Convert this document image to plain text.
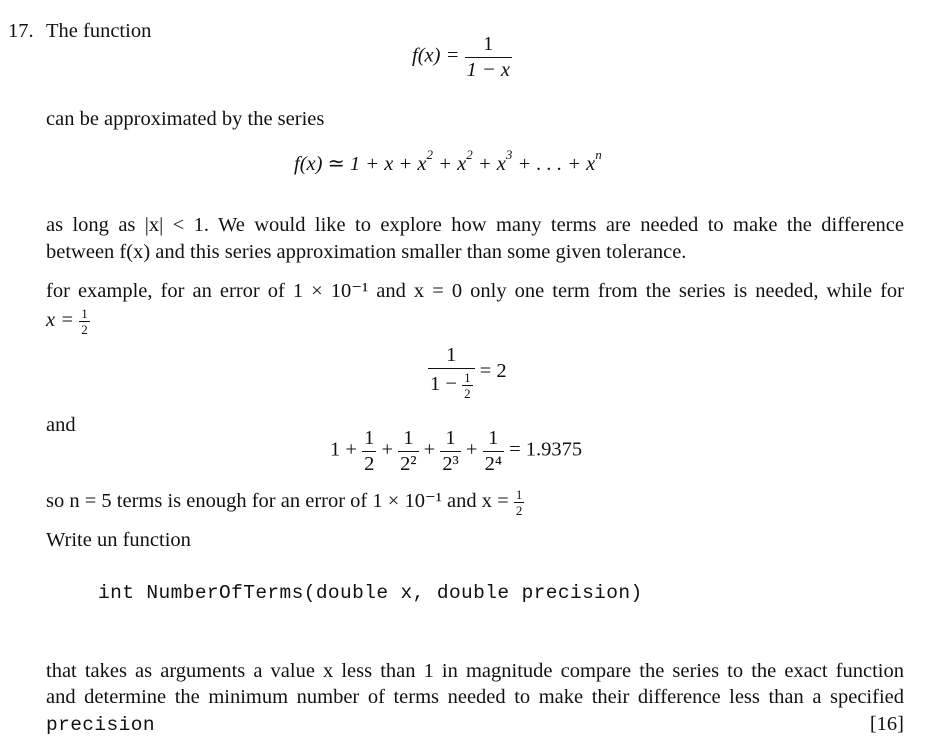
17. The function
$f(x) = \frac{1}{1 - x}$
can be approximated by the series
f(x) ≃ $1 + x + x^2 + x^2 + x^3$ + . . . + $x^n$
as long as |x| < 1. We would like to explore how many terms are needed to make the difference
between f(x) and this series approximation smaller than some given tolerance.
for example, for an error of 1 × 10⁻¹ and x = 0 only one term from the series is needed, while for
$x = \frac{1}{2}$
$\frac{1}{1 - \frac{1}{2}} = 2$
and
$1 + \frac{1}{2} + \frac{1}{\text{2²}} + \frac{1}{\text{2³}} + \frac{1}{\text{2⁴}} = 1.9375$
so n = 5 terms is enough for an error of 1 × 10⁻¹ and $x = \frac{1}{2}$
Write un function
int NumberOfTerms(double x, double precision)
that takes as arguments a value x less than 1 in magnitude compare the series to the exact function
and determine the minimum number of terms needed to make their difference less than a specified
precision	[16]
